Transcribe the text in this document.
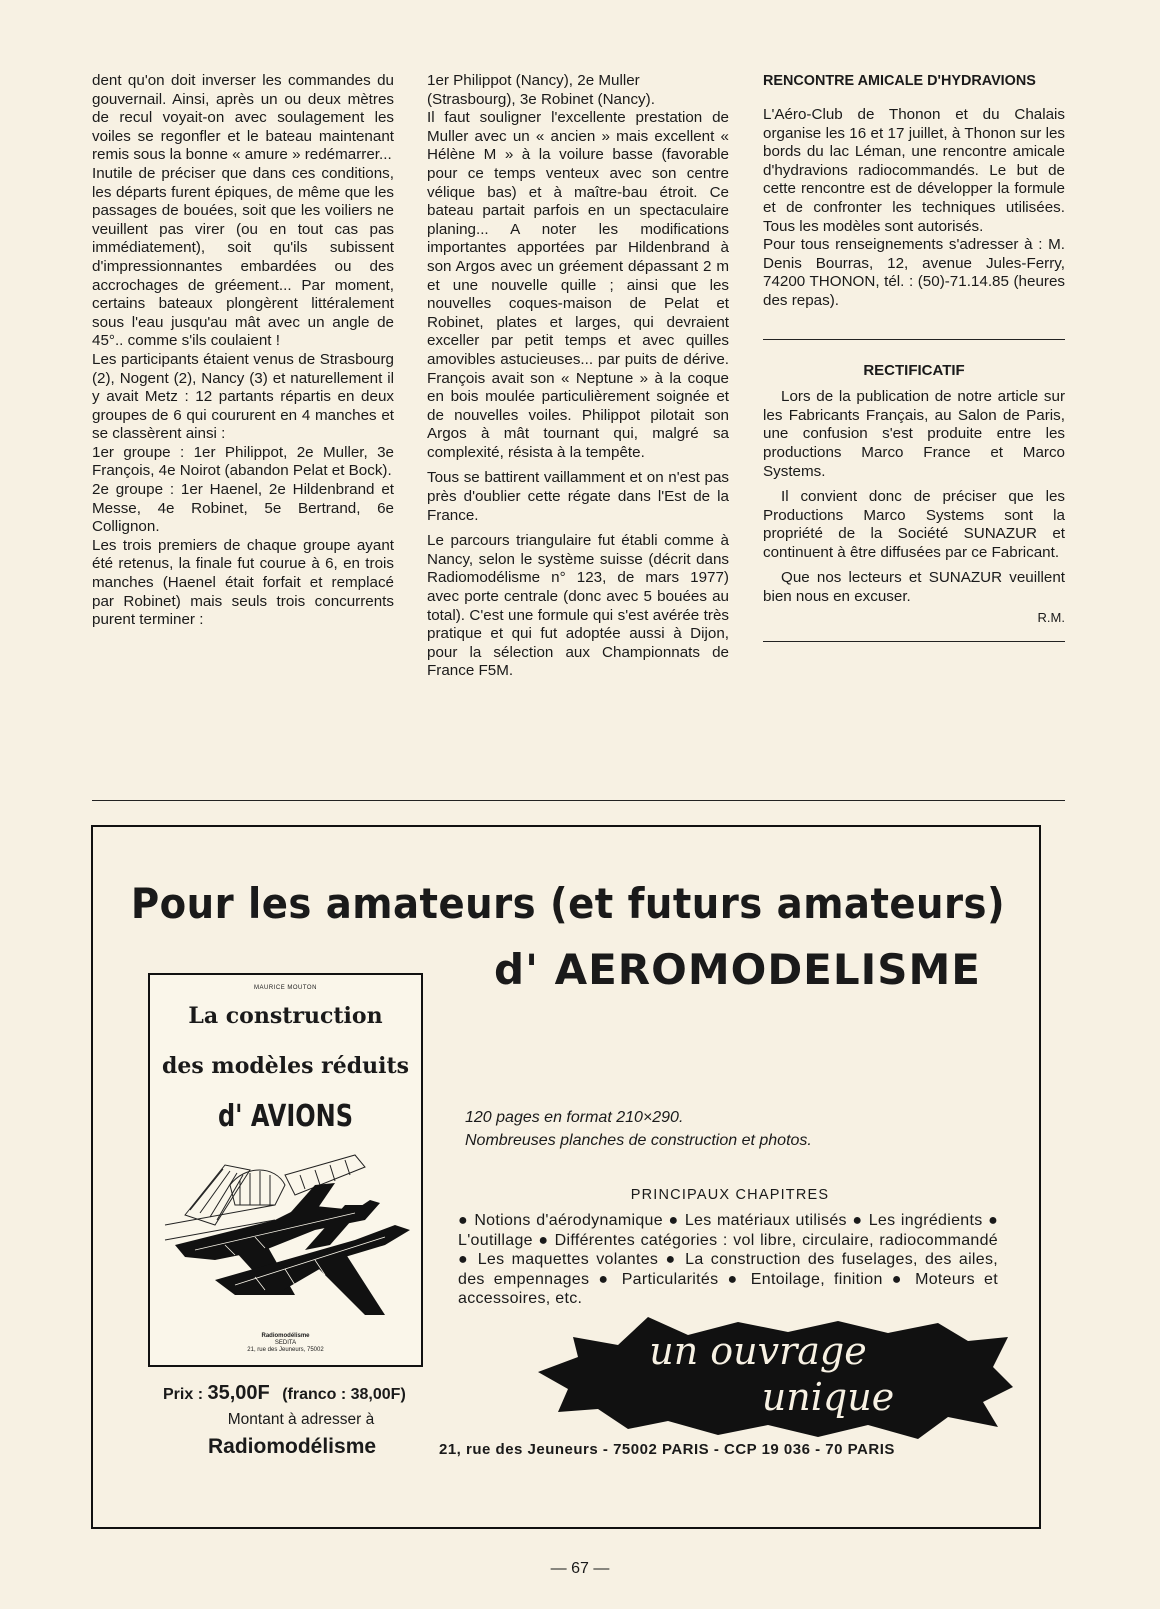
dent qu'on doit inverser les commandes du gouvernail. Ainsi, après un ou deux mètres de recul voyait-on avec soulagement les voiles se regonfler et le bateau maintenant remis sous la bonne « amure » redémarrer...

Inutile de préciser que dans ces conditions, les départs furent épiques, de même que les passages de bouées, soit que les voiliers ne veuillent pas virer (ou en tout cas pas immédiatement), soit qu'ils subissent d'impressionnantes embardées ou des accrochages de gréement... Par moment, certains bateaux plongèrent littéralement sous l'eau jusqu'au mât avec un angle de 45°.. comme s'ils coulaient !

Les participants étaient venus de Strasbourg (2), Nogent (2), Nancy (3) et naturellement il y avait Metz : 12 partants répartis en deux groupes de 6 qui coururent en 4 manches et se classèrent ainsi :

1er groupe : 1er Philippot, 2e Muller, 3e François, 4e Noirot (abandon Pelat et Bock).

2e groupe : 1er Haenel, 2e Hildenbrand et Messe, 4e Robinet, 5e Bertrand, 6e Collignon.

Les trois premiers de chaque groupe ayant été retenus, la finale fut courue à 6, en trois manches (Haenel était forfait et remplacé par Robinet) mais seuls trois concurrents purent terminer :

1er Philippot (Nancy), 2e Muller (Strasbourg), 3e Robinet (Nancy).

Il faut souligner l'excellente prestation de Muller avec un « ancien » mais excellent « Hélène M » à la voilure basse (favorable pour ce temps venteux avec son centre vélique bas) et à maître-bau étroit. Ce bateau partait parfois en un spectaculaire planing... A noter les modifications importantes apportées par Hildenbrand à son Argos avec un gréement dépassant 2 m et une nouvelle quille ; ainsi que les nouvelles coques-maison de Pelat et Robinet, plates et larges, qui devraient exceller par petit temps et avec quilles amovibles astucieuses... par puits de dérive. François avait son « Neptune » à la coque en bois moulée particulièrement soignée et de nouvelles voiles. Philippot pilotait son Argos à mât tournant qui, malgré sa complexité, résista à la tempête.

Tous se battirent vaillamment et on n'est pas près d'oublier cette régate dans l'Est de la France.

Le parcours triangulaire fut établi comme à Nancy, selon le système suisse (décrit dans Radiomodélisme n° 123, de mars 1977) avec porte centrale (donc avec 5 bouées au total). C'est une formule qui s'est avérée très pratique et qui fut adoptée aussi à Dijon, pour la sélection aux Championnats de France F5M.

RENCONTRE AMICALE D'HYDRAVIONS

L'Aéro-Club de Thonon et du Chalais organise les 16 et 17 juillet, à Thonon sur les bords du lac Léman, une rencontre amicale d'hydravions radiocommandés. Le but de cette rencontre est de développer la formule et de confronter les techniques utilisées. Tous les modèles sont autorisés.

Pour tous renseignements s'adresser à : M. Denis Bourras, 12, avenue Jules-Ferry, 74200 THONON, tél. : (50)-71.14.85 (heures des repas).

RECTIFICATIF

Lors de la publication de notre article sur les Fabricants Français, au Salon de Paris, une confusion s'est produite entre les productions Marco France et Marco Systems.

Il convient donc de préciser que les Productions Marco Systems sont la propriété de la Société SUNAZUR et continuent à être diffusées par ce Fabricant.

Que nos lecteurs et SUNAZUR veuillent bien nous en excuser.

R.M.
Pour les amateurs (et futurs amateurs)
d' AEROMODELISME
MAURICE MOUTON
La construction
des modèles réduits
d' AVIONS
Radiomodélisme
SEDITA
21, rue des Jeuneurs, 75002
120 pages en format 210×290.
Nombreuses planches de construction et photos.
PRINCIPAUX CHAPITRES
● Notions d'aérodynamique ● Les matériaux utilisés ● Les ingrédients ● L'outillage ● Différentes catégories : vol libre, circulaire, radiocommandé ● Les maquettes volantes ● La construction des fuselages, des ailes, des empennages ● Particularités ● Entoilage, finition ● Moteurs et accessoires, etc.
un ouvrage
unique
Prix : 35,00F (franco : 38,00F)
Montant à adresser à
Radiomodélisme	21, rue des Jeuneurs - 75002 PARIS - CCP 19 036 - 70 PARIS
— 67 —
